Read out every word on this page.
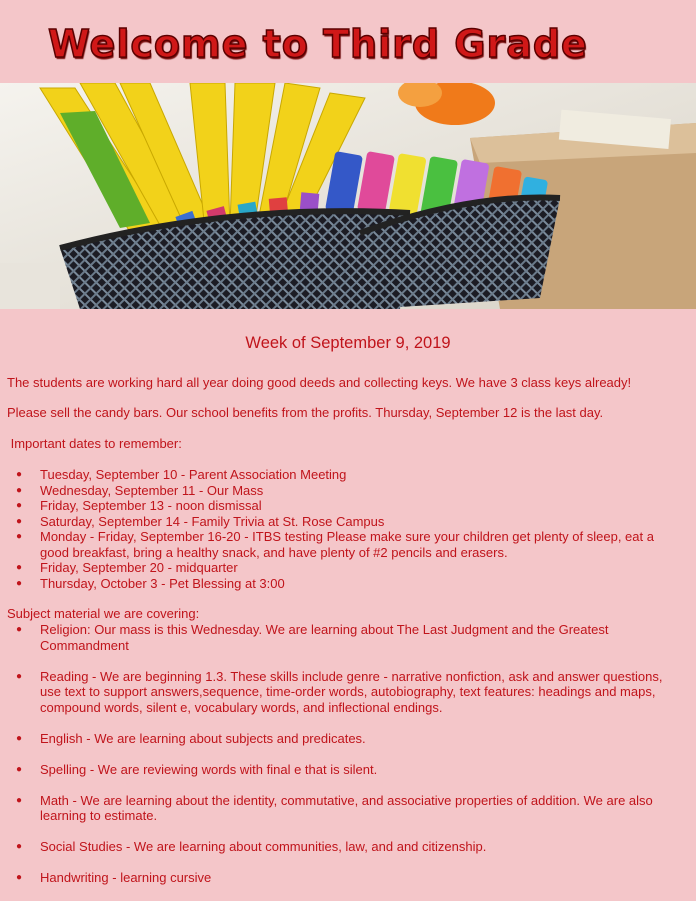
Welcome to Third Grade

Week of September 9, 2019

The students are working hard all year doing good deeds and collecting keys. We have 3 class keys already!

Please sell the candy bars. Our school benefits from the profits. Thursday, September 12 is the last day.

Important dates to remember:

● Tuesday, September 10 - Parent Association Meeting
● Wednesday, September 11 - Our Mass
● Friday, September 13 - noon dismissal
● Saturday, September 14 - Family Trivia at St. Rose Campus
● Monday - Friday, September 16-20 - ITBS testing Please make sure your children get plenty of sleep, eat a good breakfast, bring a healthy snack, and have plenty of #2 pencils and erasers.
● Friday, September 20 - midquarter
● Thursday, October 3 - Pet Blessing at 3:00

Subject material we are covering:

● Religion: Our mass is this Wednesday. We are learning about The Last Judgment and the Greatest Commandment
● Reading - We are beginning 1.3. These skills include genre - narrative nonfiction, ask and answer questions, use text to support answers,sequence, time-order words, autobiography, text features: headings and maps, compound words, silent e, vocabulary words, and inflectional endings.
● English - We are learning about subjects and predicates.
● Spelling - We are reviewing words with final e that is silent.
● Math - We are learning about the identity, commutative, and associative properties of addition. We are also learning to estimate.
● Social Studies - We are learning about communities, law, and and citizenship.
● Handwriting - learning cursive
